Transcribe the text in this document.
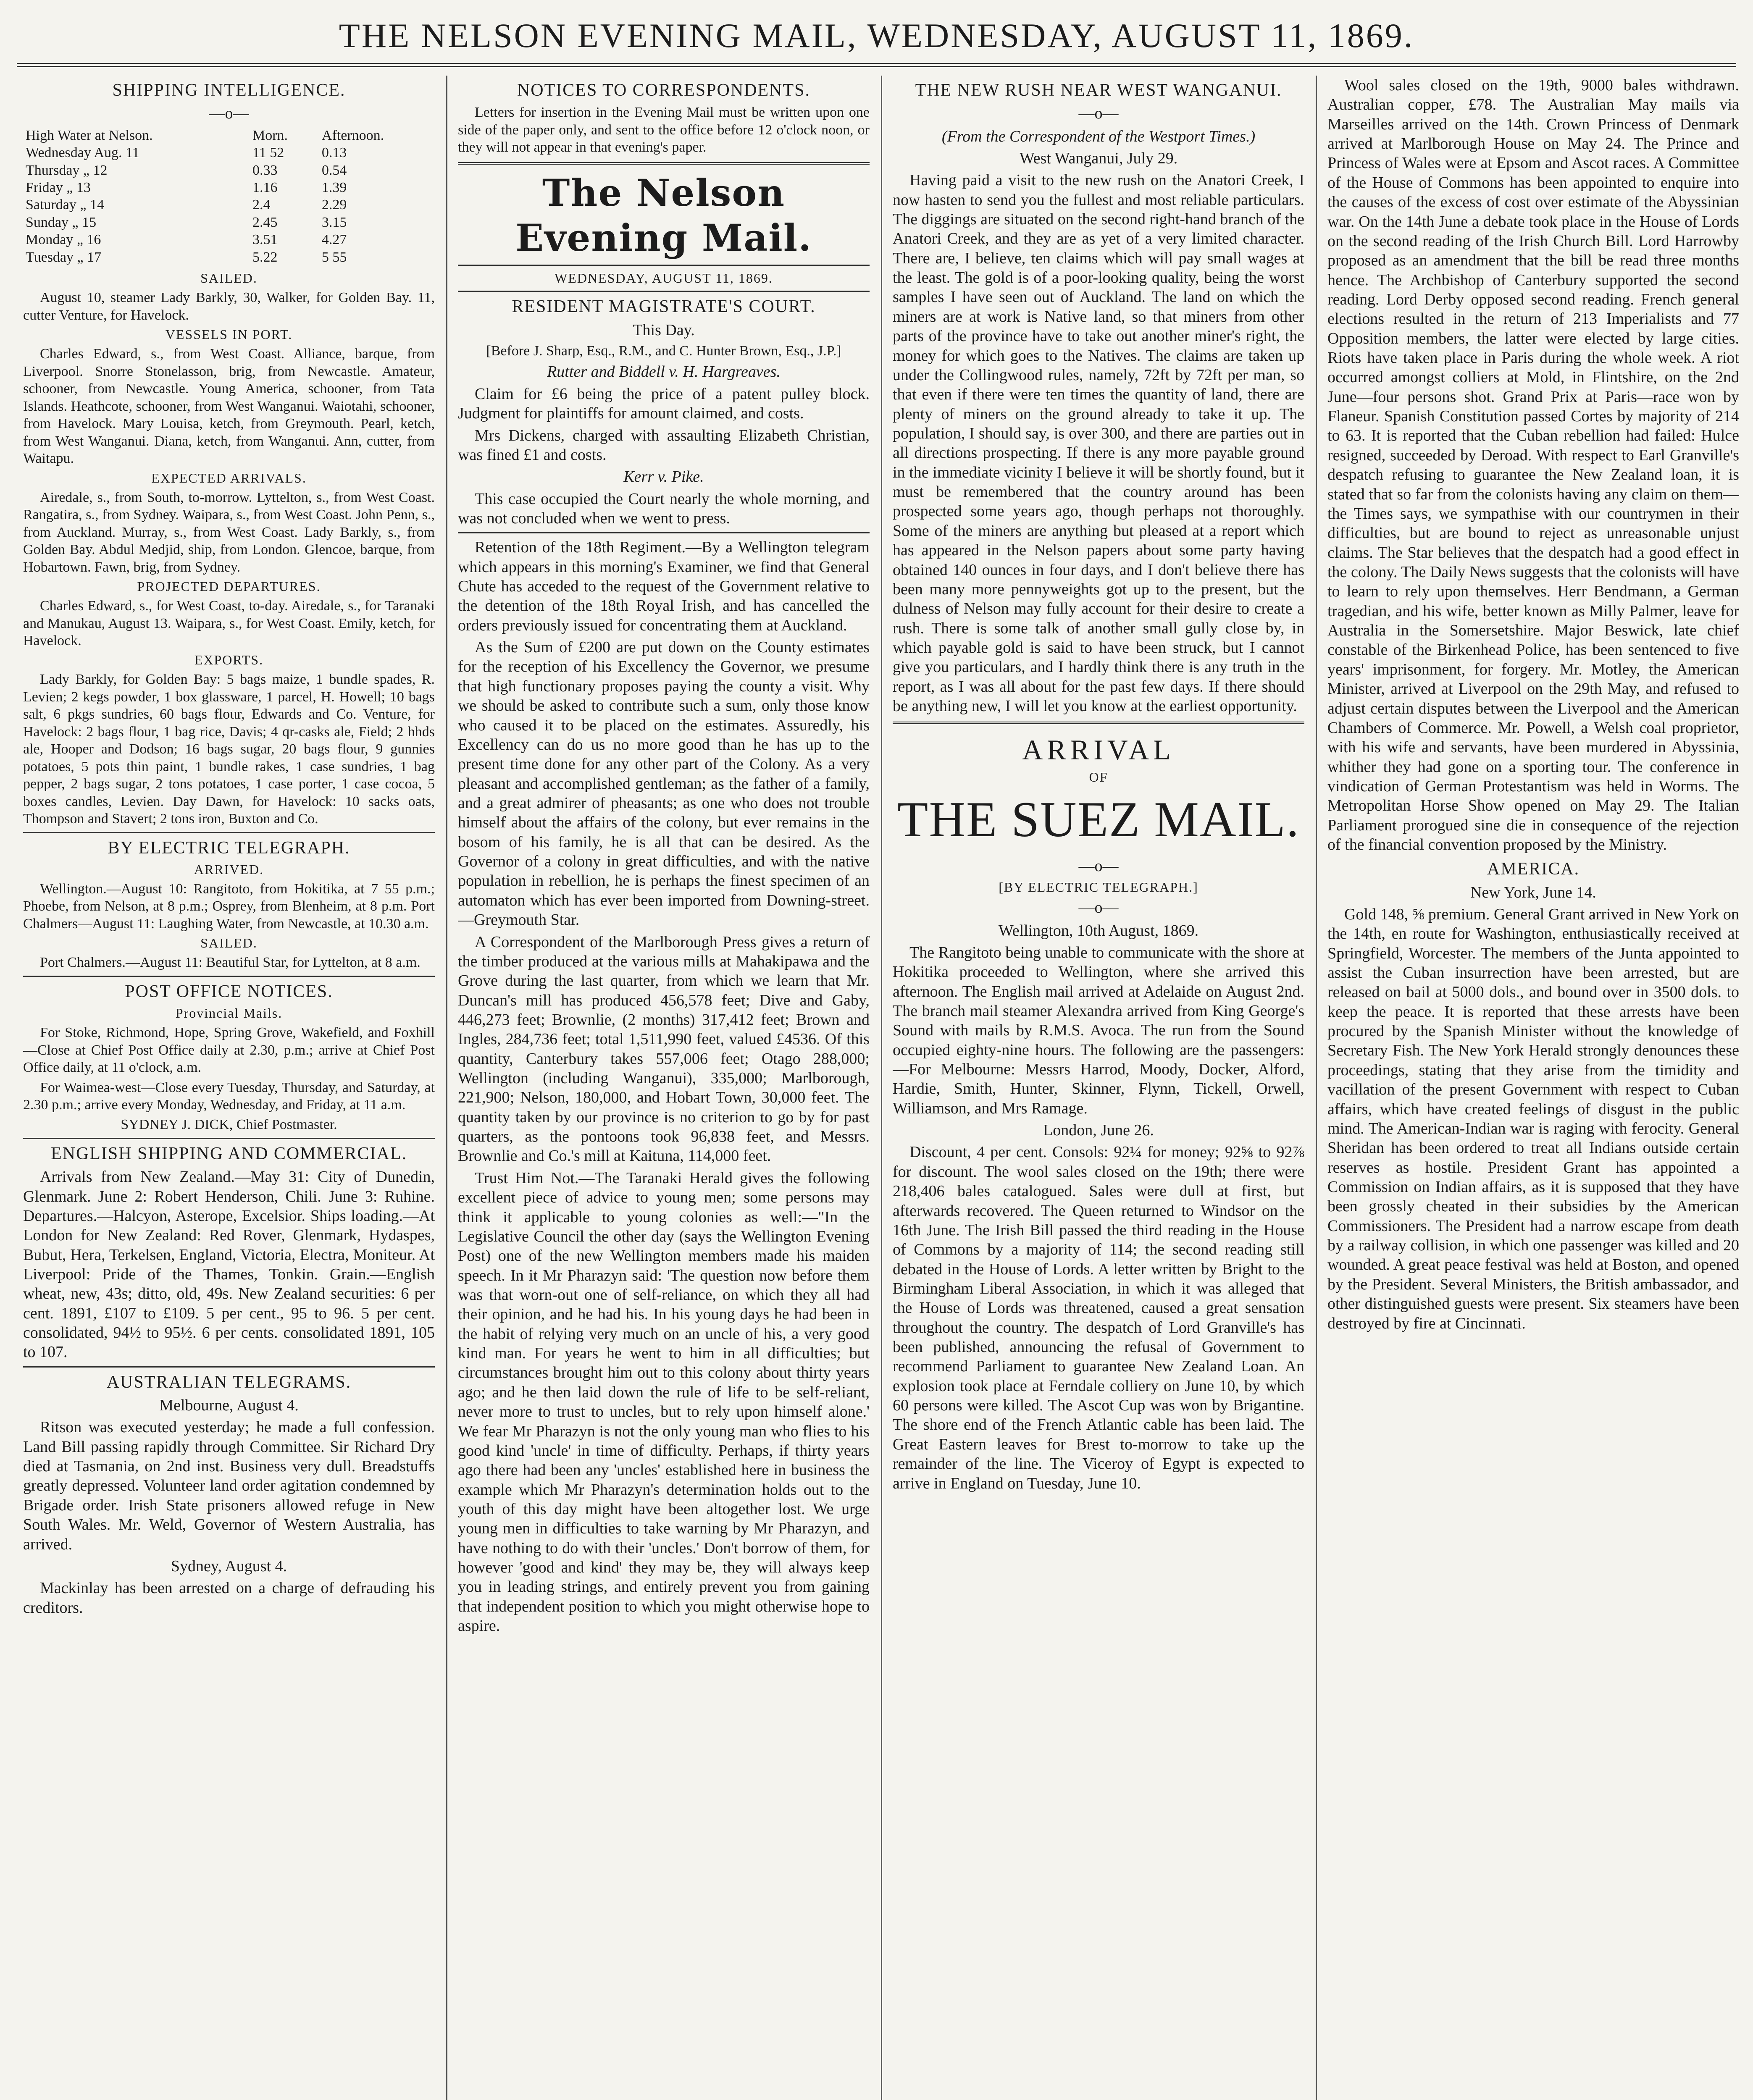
THE NELSON EVENING MAIL, WEDNESDAY, AUGUST 11, 1869.
SHIPPING INTELLIGENCE.
—o—
High Water at Nelson.	Morn.	Afternoon.
Wednesday Aug. 11	11 52	0.13
Thursday „ 12	0.33	0.54
Friday „ 13	1.16	1.39
Saturday „ 14	2.4	2.29
Sunday „ 15	2.45	3.15
Monday „ 16	3.51	4.27
Tuesday „ 17	5.22	5 55
SAILED.

August 10, steamer Lady Barkly, 30, Walker, for Golden Bay. 11, cutter Venture, for Havelock.

VESSELS IN PORT.

Charles Edward, s., from West Coast. Alliance, barque, from Liverpool. Snorre Stonelasson, brig, from Newcastle. Amateur, schooner, from Newcastle. Young America, schooner, from Tata Islands. Heathcote, schooner, from West Wanganui. Waiotahi, schooner, from Havelock. Mary Louisa, ketch, from Greymouth. Pearl, ketch, from West Wanganui. Diana, ketch, from Wanganui. Ann, cutter, from Waitapu.

EXPECTED ARRIVALS.

Airedale, s., from South, to-morrow. Lyttelton, s., from West Coast. Rangatira, s., from Sydney. Waipara, s., from West Coast. John Penn, s., from Auckland. Murray, s., from West Coast. Lady Barkly, s., from Golden Bay. Abdul Medjid, ship, from London. Glencoe, barque, from Hobartown. Fawn, brig, from Sydney.

PROJECTED DEPARTURES.

Charles Edward, s., for West Coast, to-day. Airedale, s., for Taranaki and Manukau, August 13. Waipara, s., for West Coast. Emily, ketch, for Havelock.

EXPORTS.

Lady Barkly, for Golden Bay: 5 bags maize, 1 bundle spades, R. Levien; 2 kegs powder, 1 box glassware, 1 parcel, H. Howell; 10 bags salt, 6 pkgs sundries, 60 bags flour, Edwards and Co. Venture, for Havelock: 2 bags flour, 1 bag rice, Davis; 4 qr-casks ale, Field; 2 hhds ale, Hooper and Dodson; 16 bags sugar, 20 bags flour, 9 gunnies potatoes, 5 pots thin paint, 1 bundle rakes, 1 case sundries, 1 bag pepper, 2 bags sugar, 2 tons potatoes, 1 case porter, 1 case cocoa, 5 boxes candles, Levien. Day Dawn, for Havelock: 10 sacks oats, Thompson and Stavert; 2 tons iron, Buxton and Co.

BY ELECTRIC TELEGRAPH.
ARRIVED.

Wellington.—August 10: Rangitoto, from Hokitika, at 7 55 p.m.; Phoebe, from Nelson, at 8 p.m.; Osprey, from Blenheim, at 8 p.m. Port Chalmers—August 11: Laughing Water, from Newcastle, at 10.30 a.m.

SAILED.

Port Chalmers.—August 11: Beautiful Star, for Lyttelton, at 8 a.m.

POST OFFICE NOTICES.
Provincial Mails.

For Stoke, Richmond, Hope, Spring Grove, Wakefield, and Foxhill—Close at Chief Post Office daily at 2.30, p.m.; arrive at Chief Post Office daily, at 11 o'clock, a.m.

For Waimea-west—Close every Tuesday, Thursday, and Saturday, at 2.30 p.m.; arrive every Monday, Wednesday, and Friday, at 11 a.m.

SYDNEY J. DICK, Chief Postmaster.

ENGLISH SHIPPING AND COMMERCIAL.

Arrivals from New Zealand.—May 31: City of Dunedin, Glenmark. June 2: Robert Henderson, Chili. June 3: Ruhine. Departures.—Halcyon, Asterope, Excelsior. Ships loading.—At London for New Zealand: Red Rover, Glenmark, Hydaspes, Bubut, Hera, Terkelsen, England, Victoria, Electra, Moniteur. At Liverpool: Pride of the Thames, Tonkin. Grain.—English wheat, new, 43s; ditto, old, 49s. New Zealand securities: 6 per cent. 1891, £107 to £109. 5 per cent., 95 to 96. 5 per cent. consolidated, 94½ to 95½. 6 per cents. consolidated 1891, 105 to 107.

AUSTRALIAN TELEGRAMS.

Melbourne, August 4.

Ritson was executed yesterday; he made a full confession. Land Bill passing rapidly through Committee. Sir Richard Dry died at Tasmania, on 2nd inst. Business very dull. Breadstuffs greatly depressed. Volunteer land order agitation condemned by Brigade order. Irish State prisoners allowed refuge in New South Wales. Mr. Weld, Governor of Western Australia, has arrived.

Sydney, August 4.

Mackinlay has been arrested on a charge of defrauding his creditors.

NOTICES TO CORRESPONDENTS.

Letters for insertion in the Evening Mail must be written upon one side of the paper only, and sent to the office before 12 o'clock noon, or they will not appear in that evening's paper.

The Nelson Evening Mail.
WEDNESDAY, AUGUST 11, 1869.
RESIDENT MAGISTRATE'S COURT.

This Day.

[Before J. Sharp, Esq., R.M., and C. Hunter Brown, Esq., J.P.]

Rutter and Biddell v. H. Hargreaves.

Claim for £6 being the price of a patent pulley block. Judgment for plaintiffs for amount claimed, and costs.

Mrs Dickens, charged with assaulting Elizabeth Christian, was fined £1 and costs.

Kerr v. Pike.

This case occupied the Court nearly the whole morning, and was not concluded when we went to press.

Retention of the 18th Regiment.—By a Wellington telegram which appears in this morning's Examiner, we find that General Chute has acceded to the request of the Government relative to the detention of the 18th Royal Irish, and has cancelled the orders previously issued for concentrating them at Auckland.

As the Sum of £200 are put down on the County estimates for the reception of his Excellency the Governor, we presume that high functionary proposes paying the county a visit. Why we should be asked to contribute such a sum, only those know who caused it to be placed on the estimates. Assuredly, his Excellency can do us no more good than he has up to the present time done for any other part of the Colony. As a very pleasant and accomplished gentleman; as the father of a family, and a great admirer of pheasants; as one who does not trouble himself about the affairs of the colony, but ever remains in the bosom of his family, he is all that can be desired. As the Governor of a colony in great difficulties, and with the native population in rebellion, he is perhaps the finest specimen of an automaton which has ever been imported from Downing-street.—Greymouth Star.

A Correspondent of the Marlborough Press gives a return of the timber produced at the various mills at Mahakipawa and the Grove during the last quarter, from which we learn that Mr. Duncan's mill has produced 456,578 feet; Dive and Gaby, 446,273 feet; Brownlie, (2 months) 317,412 feet; Brown and Ingles, 284,736 feet; total 1,511,990 feet, valued £4536. Of this quantity, Canterbury takes 557,006 feet; Otago 288,000; Wellington (including Wanganui), 335,000; Marlborough, 221,900; Nelson, 180,000, and Hobart Town, 30,000 feet. The quantity taken by our province is no criterion to go by for past quarters, as the pontoons took 96,838 feet, and Messrs. Brownlie and Co.'s mill at Kaituna, 114,000 feet.

Trust Him Not.—The Taranaki Herald gives the following excellent piece of advice to young men; some persons may think it applicable to young colonies as well:—"In the Legislative Council the other day (says the Wellington Evening Post) one of the new Wellington members made his maiden speech. In it Mr Pharazyn said: 'The question now before them was that worn-out one of self-reliance, on which they all had their opinion, and he had his. In his young days he had been in the habit of relying very much on an uncle of his, a very good kind man. For years he went to him in all difficulties; but circumstances brought him out to this colony about thirty years ago; and he then laid down the rule of life to be self-reliant, never more to trust to uncles, but to rely upon himself alone.' We fear Mr Pharazyn is not the only young man who flies to his good kind 'uncle' in time of difficulty. Perhaps, if thirty years ago there had been any 'uncles' established here in business the example which Mr Pharazyn's determination holds out to the youth of this day might have been altogether lost. We urge young men in difficulties to take warning by Mr Pharazyn, and have nothing to do with their 'uncles.' Don't borrow of them, for however 'good and kind' they may be, they will always keep you in leading strings, and entirely prevent you from gaining that independent position to which you might otherwise hope to aspire.

THE NEW RUSH NEAR WEST WANGANUI.
—o—

(From the Correspondent of the Westport Times.)

West Wanganui, July 29.

Having paid a visit to the new rush on the Anatori Creek, I now hasten to send you the fullest and most reliable particulars. The diggings are situated on the second right-hand branch of the Anatori Creek, and they are as yet of a very limited character. There are, I believe, ten claims which will pay small wages at the least. The gold is of a poor-looking quality, being the worst samples I have seen out of Auckland. The land on which the miners are at work is Native land, so that miners from other parts of the province have to take out another miner's right, the money for which goes to the Natives. The claims are taken up under the Collingwood rules, namely, 72ft by 72ft per man, so that even if there were ten times the quantity of land, there are plenty of miners on the ground already to take it up. The population, I should say, is over 300, and there are parties out in all directions prospecting. If there is any more payable ground in the immediate vicinity I believe it will be shortly found, but it must be remembered that the country around has been prospected some years ago, though perhaps not thoroughly. Some of the miners are anything but pleased at a report which has appeared in the Nelson papers about some party having obtained 140 ounces in four days, and I don't believe there has been many more pennyweights got up to the present, but the dulness of Nelson may fully account for their desire to create a rush. There is some talk of another small gully close by, in which payable gold is said to have been struck, but I cannot give you particulars, and I hardly think there is any truth in the report, as I was all about for the past few days. If there should be anything new, I will let you know at the earliest opportunity.

ARRIVAL
OF
THE SUEZ MAIL.
—o—
[BY ELECTRIC TELEGRAPH.]
—o—

Wellington, 10th August, 1869.

The Rangitoto being unable to communicate with the shore at Hokitika proceeded to Wellington, where she arrived this afternoon. The English mail arrived at Adelaide on August 2nd. The branch mail steamer Alexandra arrived from King George's Sound with mails by R.M.S. Avoca. The run from the Sound occupied eighty-nine hours. The following are the passengers:—For Melbourne: Messrs Harrod, Moody, Docker, Alford, Hardie, Smith, Hunter, Skinner, Flynn, Tickell, Orwell, Williamson, and Mrs Ramage.

London, June 26.

Discount, 4 per cent. Consols: 92¼ for money; 92⅝ to 92⅞ for discount. The wool sales closed on the 19th; there were 218,406 bales catalogued. Sales were dull at first, but afterwards recovered. The Queen returned to Windsor on the 16th June. The Irish Bill passed the third reading in the House of Commons by a majority of 114; the second reading still debated in the House of Lords. A letter written by Bright to the Birmingham Liberal Association, in which it was alleged that the House of Lords was threatened, caused a great sensation throughout the country. The despatch of Lord Granville's has been published, announcing the refusal of Government to recommend Parliament to guarantee New Zealand Loan. An explosion took place at Ferndale colliery on June 10, by which 60 persons were killed. The Ascot Cup was won by Brigantine. The shore end of the French Atlantic cable has been laid. The Great Eastern leaves for Brest to-morrow to take up the remainder of the line. The Viceroy of Egypt is expected to arrive in England on Tuesday, June 10.

Wool sales closed on the 19th, 9000 bales withdrawn. Australian copper, £78. The Australian May mails via Marseilles arrived on the 14th. Crown Princess of Denmark arrived at Marlborough House on May 24. The Prince and Princess of Wales were at Epsom and Ascot races. A Committee of the House of Commons has been appointed to enquire into the causes of the excess of cost over estimate of the Abyssinian war. On the 14th June a debate took place in the House of Lords on the second reading of the Irish Church Bill. Lord Harrowby proposed as an amendment that the bill be read three months hence. The Archbishop of Canterbury supported the second reading. Lord Derby opposed second reading. French general elections resulted in the return of 213 Imperialists and 77 Opposition members, the latter were elected by large cities. Riots have taken place in Paris during the whole week. A riot occurred amongst colliers at Mold, in Flintshire, on the 2nd June—four persons shot. Grand Prix at Paris—race won by Flaneur. Spanish Constitution passed Cortes by majority of 214 to 63. It is reported that the Cuban rebellion had failed: Hulce resigned, succeeded by Deroad. With respect to Earl Granville's despatch refusing to guarantee the New Zealand loan, it is stated that so far from the colonists having any claim on them—the Times says, we sympathise with our countrymen in their difficulties, but are bound to reject as unreasonable unjust claims. The Star believes that the despatch had a good effect in the colony. The Daily News suggests that the colonists will have to learn to rely upon themselves. Herr Bendmann, a German tragedian, and his wife, better known as Milly Palmer, leave for Australia in the Somersetshire. Major Beswick, late chief constable of the Birkenhead Police, has been sentenced to five years' imprisonment, for forgery. Mr. Motley, the American Minister, arrived at Liverpool on the 29th May, and refused to adjust certain disputes between the Liverpool and the American Chambers of Commerce. Mr. Powell, a Welsh coal proprietor, with his wife and servants, have been murdered in Abyssinia, whither they had gone on a sporting tour. The conference in vindication of German Protestantism was held in Worms. The Metropolitan Horse Show opened on May 29. The Italian Parliament prorogued sine die in consequence of the rejection of the financial convention proposed by the Ministry.

AMERICA.

New York, June 14.

Gold 148, ⅝ premium. General Grant arrived in New York on the 14th, en route for Washington, enthusiastically received at Springfield, Worcester. The members of the Junta appointed to assist the Cuban insurrection have been arrested, but are released on bail at 5000 dols., and bound over in 3500 dols. to keep the peace. It is reported that these arrests have been procured by the Spanish Minister without the knowledge of Secretary Fish. The New York Herald strongly denounces these proceedings, stating that they arise from the timidity and vacillation of the present Government with respect to Cuban affairs, which have created feelings of disgust in the public mind. The American-Indian war is raging with ferocity. General Sheridan has been ordered to treat all Indians outside certain reserves as hostile. President Grant has appointed a Commission on Indian affairs, as it is supposed that they have been grossly cheated in their subsidies by the American Commissioners. The President had a narrow escape from death by a railway collision, in which one passenger was killed and 20 wounded. A great peace festival was held at Boston, and opened by the President. Several Ministers, the British ambassador, and other distinguished guests were present. Six steamers have been destroyed by fire at Cincinnati.
